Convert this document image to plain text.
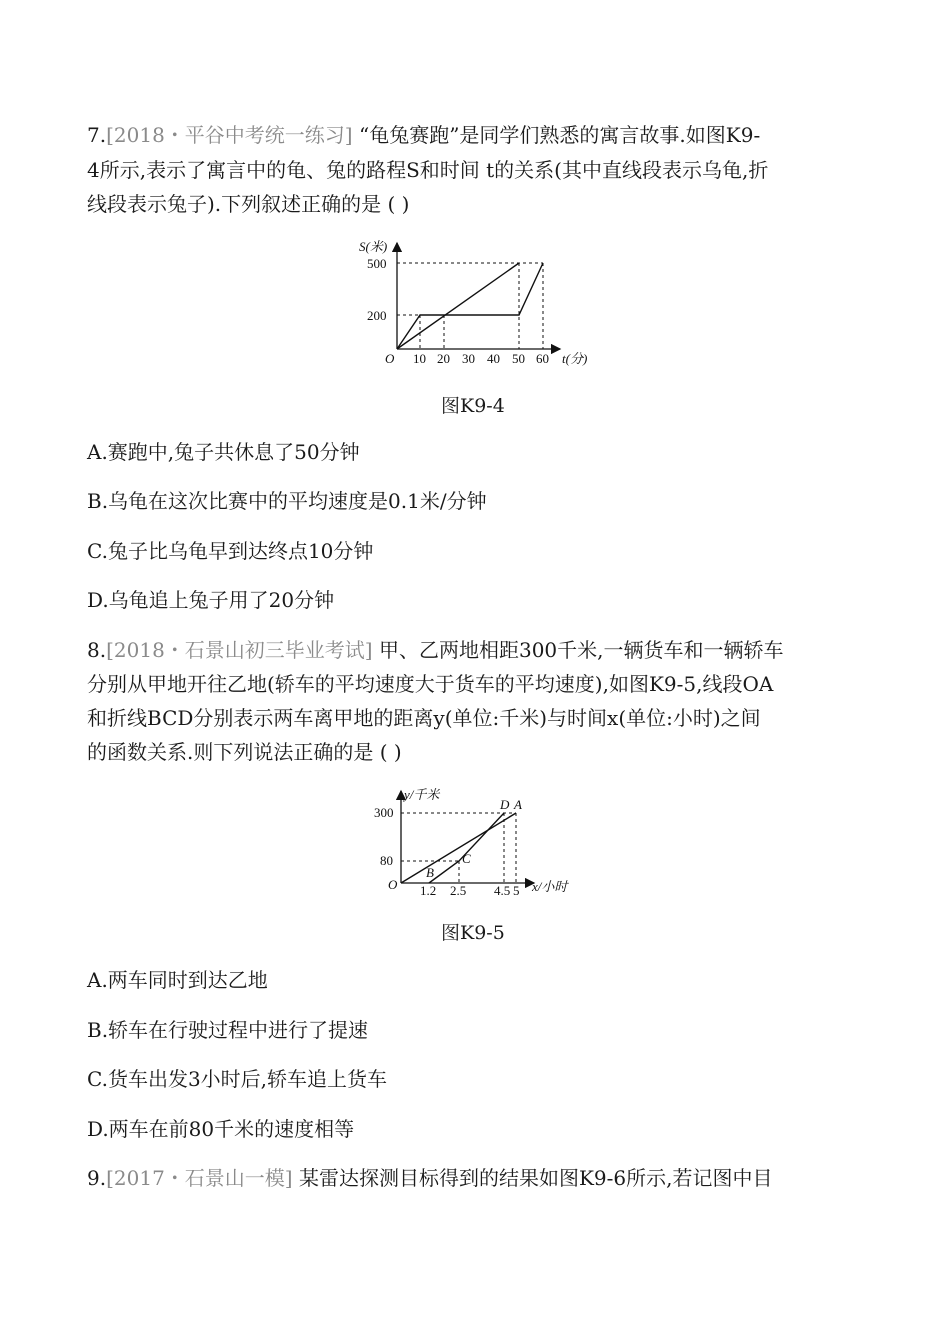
7.[2018・平谷中考统一练习] “龟兔赛跑”是同学们熟悉的寓言故事.如图K9-
4所示,表示了寓言中的龟、兔的路程S和时间 t的关系(其中直线段表示乌龟,折
线段表示兔子).下列叙述正确的是 ( )
S(米)
t(分)
O
500
200
10 20 30 40 50 60
图K9-4
A.赛跑中,兔子共休息了50分钟
B.乌龟在这次比赛中的平均速度是0.1米/分钟
C.兔子比乌龟早到达终点10分钟
D.乌龟追上兔子用了20分钟
8.[2018・石景山初三毕业考试] 甲、乙两地相距300千米,一辆货车和一辆轿车
分别从甲地开往乙地(轿车的平均速度大于货车的平均速度),如图K9-5,线段OA
和折线BCD分别表示两车离甲地的距离y(单位:千米)与时间x(单位:小时)之间
的函数关系.则下列说法正确的是 ( )
y/千米
x/小时
O
300
80
1.2 2.5 4.5 5
B
C
D A
图K9-5
A.两车同时到达乙地
B.轿车在行驶过程中进行了提速
C.货车出发3小时后,轿车追上货车
D.两车在前80千米的速度相等
9.[2017・石景山一模] 某雷达探测目标得到的结果如图K9-6所示,若记图中目
